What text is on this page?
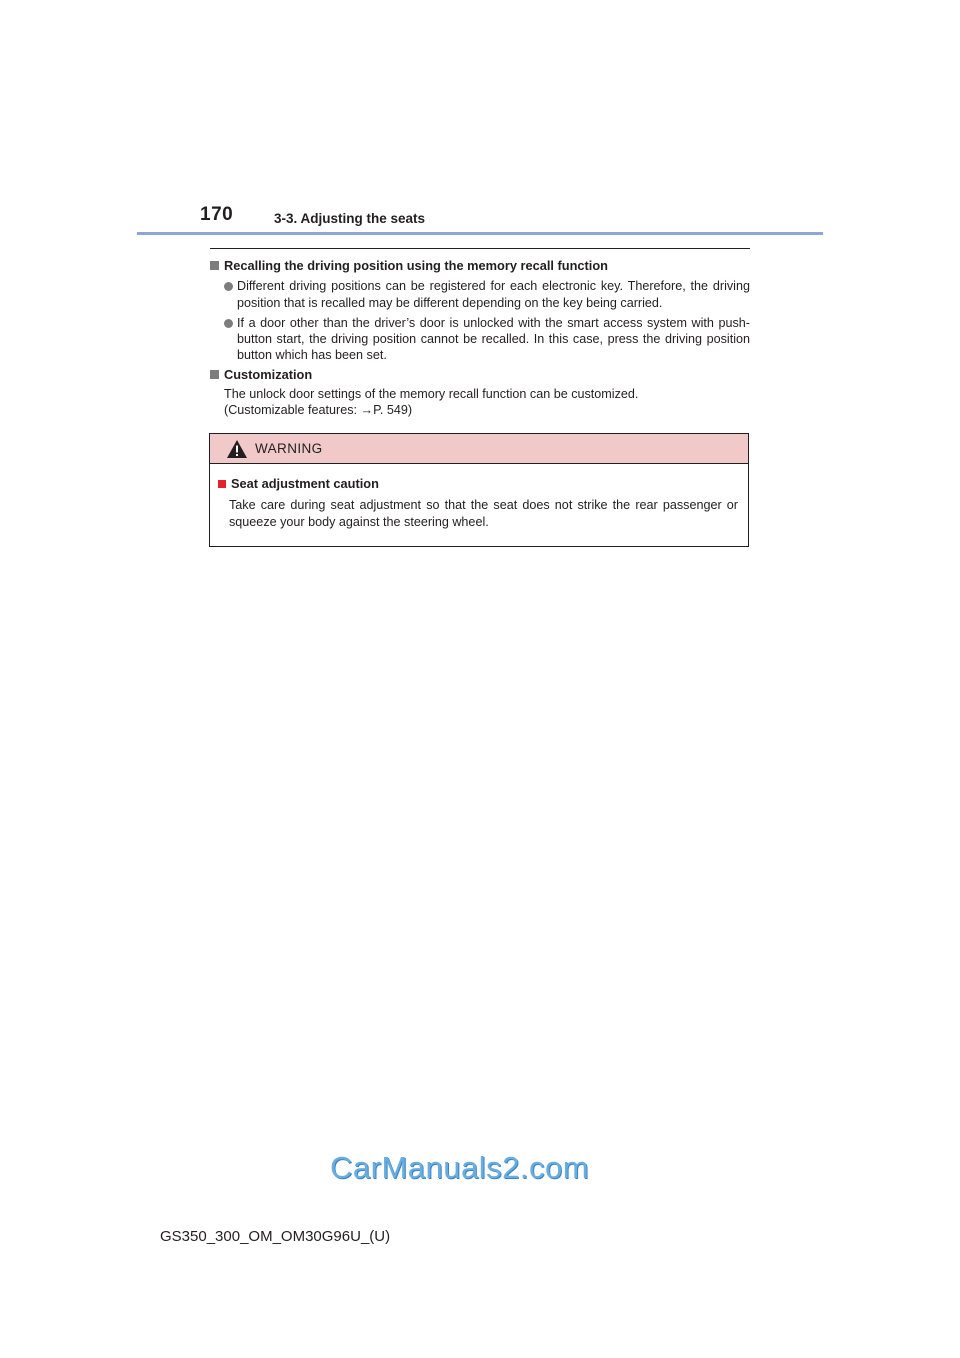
170	3-3. Adjusting the seats
Recalling the driving position using the memory recall function
Different driving positions can be registered for each electronic key. Therefore, the driving position that is recalled may be different depending on the key being carried.
If a door other than the driver’s door is unlocked with the smart access system with push-button start, the driving position cannot be recalled. In this case, press the driving position button which has been set.
Customization
The unlock door settings of the memory recall function can be customized.
(Customizable features: →P. 549)
WARNING
Seat adjustment caution
Take care during seat adjustment so that the seat does not strike the rear passenger or squeeze your body against the steering wheel.
CarManuals2.com
GS350_300_OM_OM30G96U_(U)
